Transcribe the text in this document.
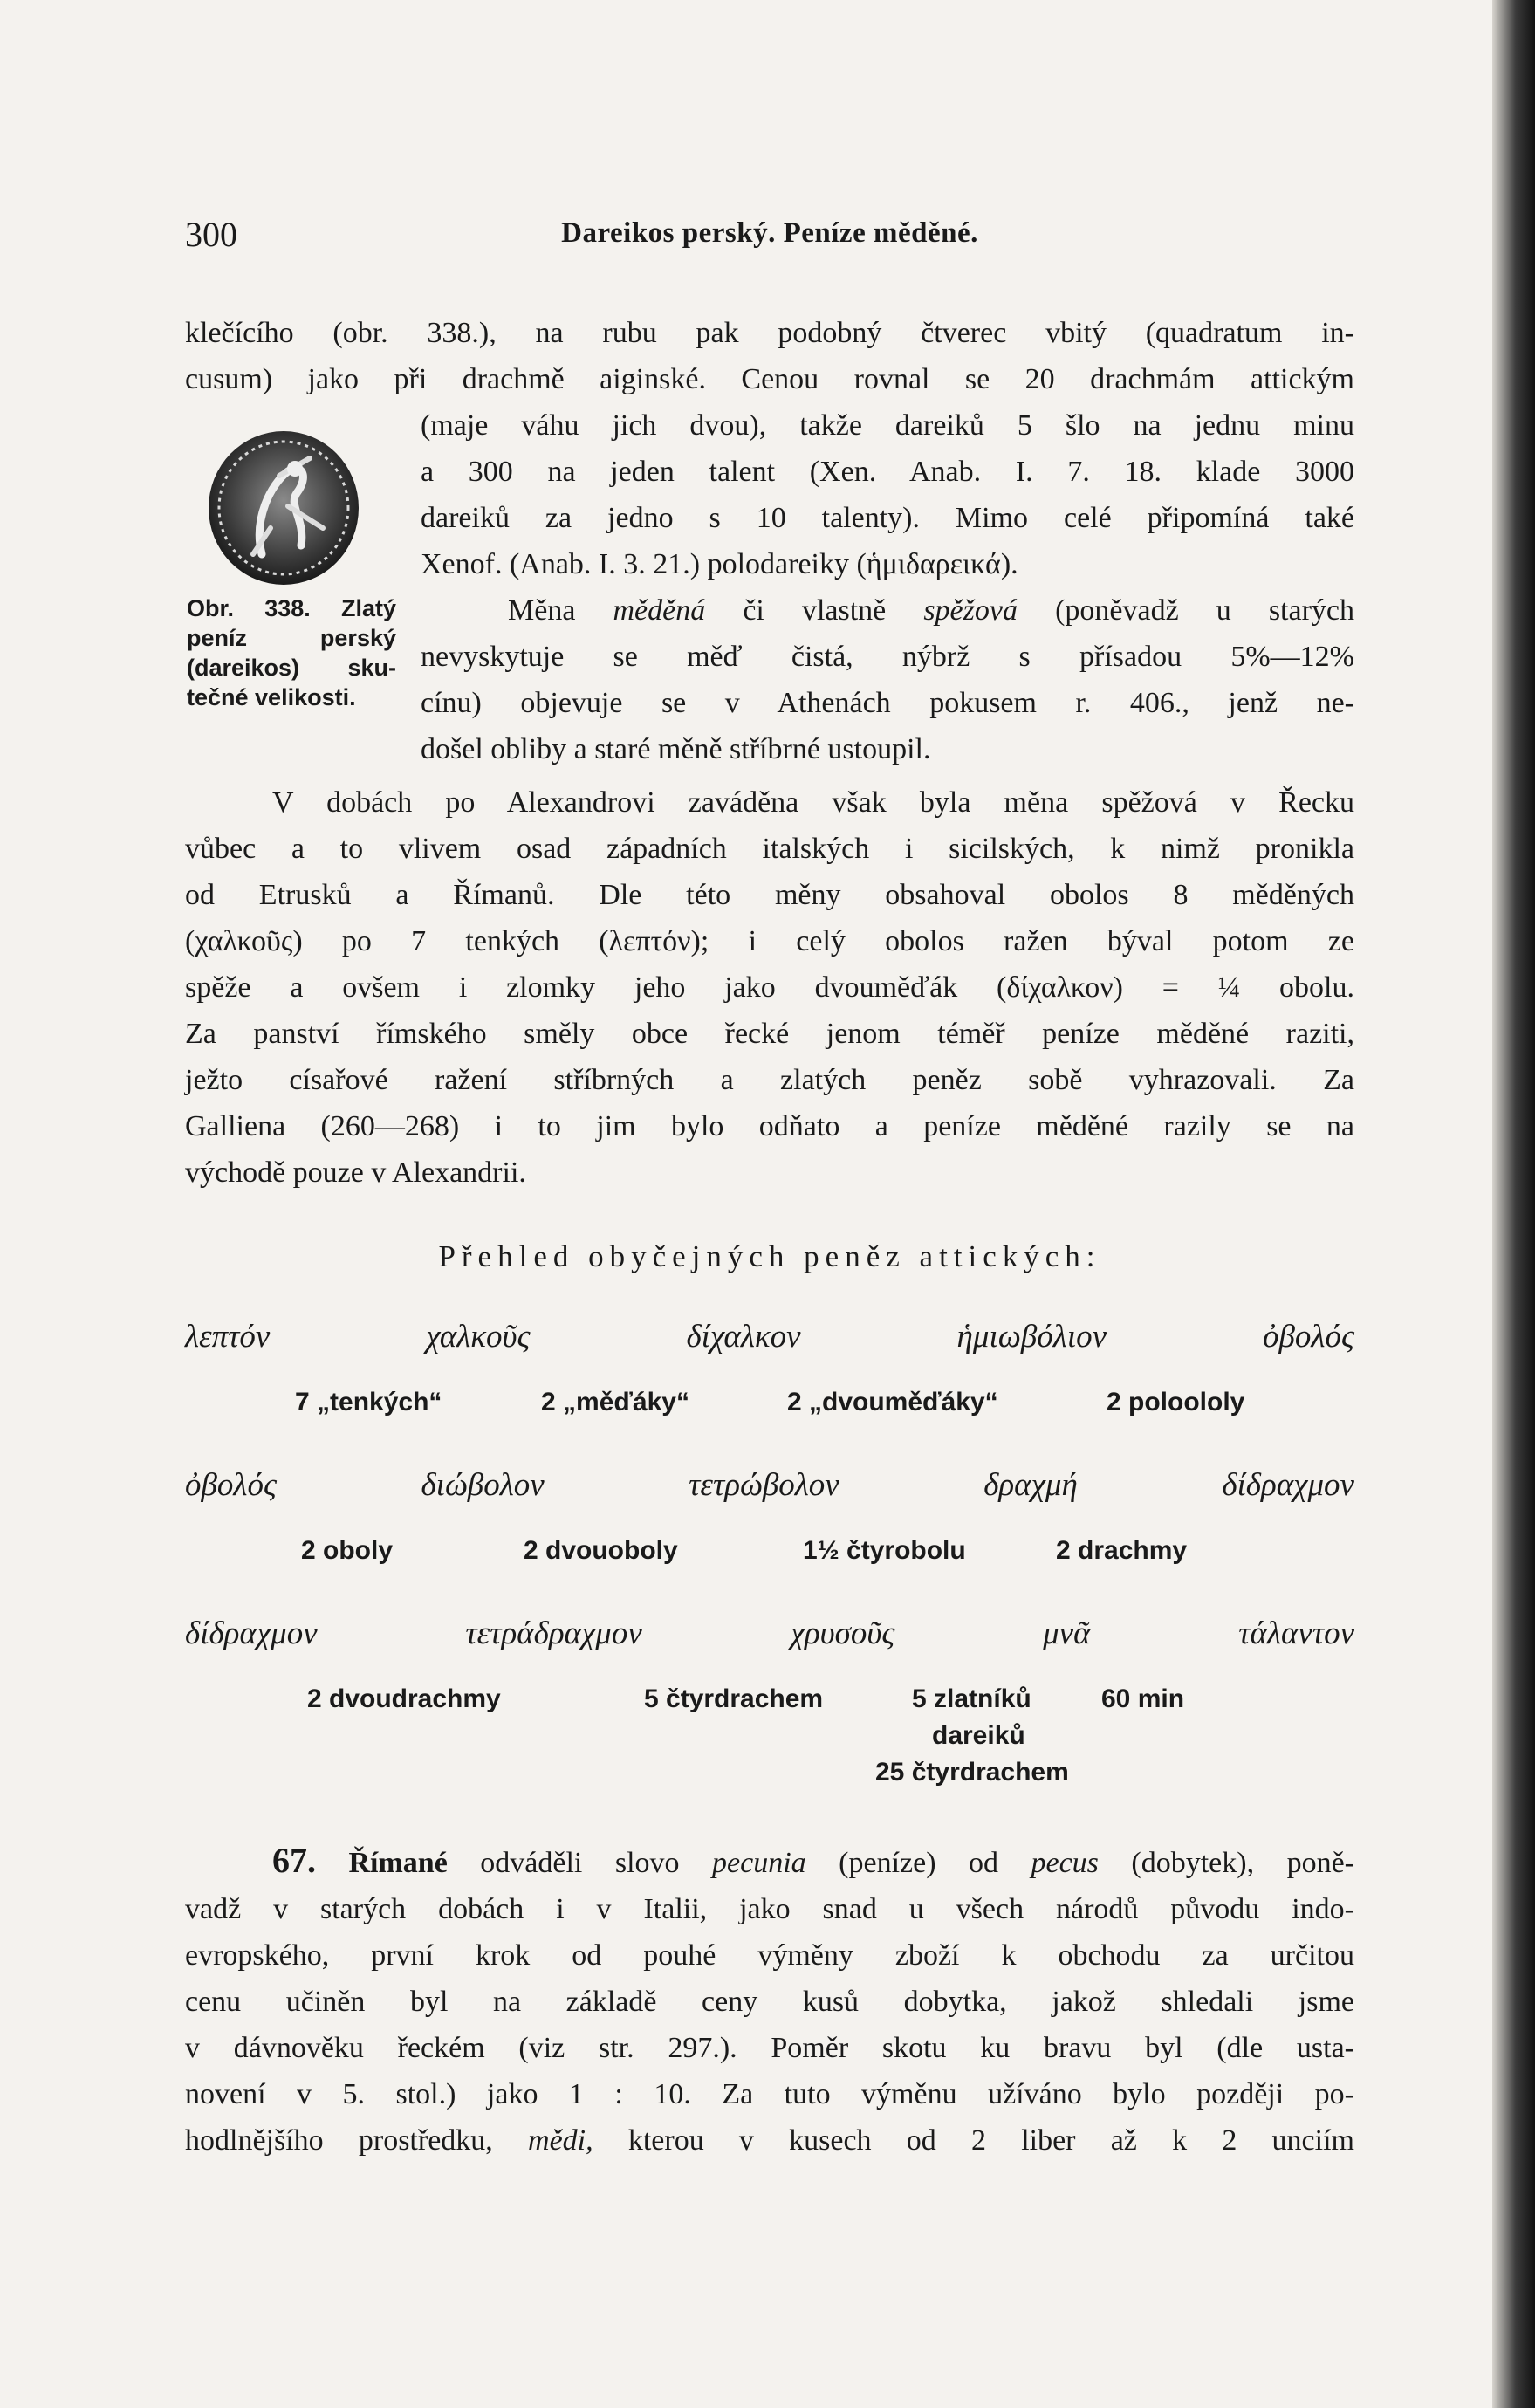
300	Dareikos perský. Peníze měděné.
klečícího (obr. 338.), na rubu pak podobný čtverec vbitý (quadratum in-
cusum) jako při drachmě aiginské. Cenou rovnal se 20 drachmám attickým
Obr. 338. Zlatý
peníz perský
(dareikos) sku-
tečné velikosti.
(maje váhu jich dvou), takže dareiků 5 šlo na jednu minu
a 300 na jeden talent (Xen. Anab. I. 7. 18. klade 3000
dareiků za jedno s 10 talenty). Mimo celé připomíná také
Xenof. (Anab. I. 3. 21.) polodareiky (ἡμιδαρεικά).
Měna měděná či vlastně spěžová (poněvadž u starých
nevyskytuje se měď čistá, nýbrž s přísadou 5%—12%
cínu) objevuje se v Athenách pokusem r. 406., jenž ne-
došel obliby a staré měně stříbrné ustoupil.
V dobách po Alexandrovi zaváděna však byla měna spěžová v Řecku
vůbec a to vlivem osad západních italských i sicilských, k nimž pronikla
od Etrusků a Římanů. Dle této měny obsahoval obolos 8 měděných
(χαλκοῦς) po 7 tenkých (λεπτόν); i celý obolos ražen býval potom ze
spěže a ovšem i zlomky jeho jako dvouměďák (δίχαλκον) = ¼ obolu.
Za panství římského směly obce řecké jenom téměř peníze měděné raziti,
ježto císařové ražení stříbrných a zlatých peněz sobě vyhrazovali. Za
Galliena (260—268) i to jim bylo odňato a peníze měděné razily se na
východě pouze v Alexandrii.
Přehled obyčejných peněz attických:
λεπτόν	χαλκοῦς	δίχαλκον	ἡμιωβόλιον	ὀβολός
7 „tenkých“	2 „měďáky“	2 „dvouměďáky“	2 poloololy
ὀβολός	διώβολον	τετρώβολον	δραχμή	δίδραχμον
2 oboly	2 dvouoboly	1½ čtyrobolu	2 drachmy
δίδραχμον	τετράδραχμον	χρυσοῦς	μνᾶ	τάλαντον
2 dvoudrachmy	5 čtyrdrachem	5 zlatníků	60 min
dareiků
25 čtyrdrachem
67. Římané odváděli slovo pecunia (peníze) od pecus (dobytek), poně-
vadž v starých dobách i v Italii, jako snad u všech národů původu indo-
evropského, první krok od pouhé výměny zboží k obchodu za určitou
cenu učiněn byl na základě ceny kusů dobytka, jakož shledali jsme
v dávnověku řeckém (viz str. 297.). Poměr skotu ku bravu byl (dle usta-
novení v 5. stol.) jako 1 : 10. Za tuto výměnu užíváno bylo později po-
hodlnějšího prostředku, mědi, kterou v kusech od 2 liber až k 2 unciím
